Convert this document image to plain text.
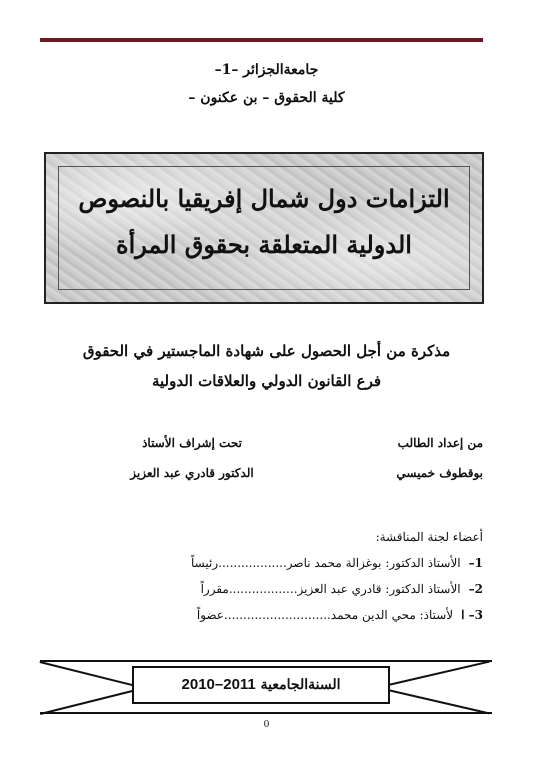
جامعةالجزائر –1–
كلية الحقوق – بن عكنون –
التزامات دول شمال إفريقيا بالنصوص
الدولية المتعلقة بحقوق المرأة
مذكرة من أجل الحصول على شهادة الماجستير في الحقوق
فرع القانون الدولي والعلاقات الدولية
من إعداد الطالب
بوقطوف خميسي
تحت إشراف الأستاذ
الدكتور قادري عبد العزيز
أعضاء لجنة المناقشة:
1–الأستاذ الدكتور: بوغزالة محمد ناصر..................رئيساً
2–الأستاذ الدكتور: قادري عبد العزيز..................مقرراً
3– الأستاذ: محي الدين محمد............................عضواً
السنةالجامعية 2011–2010
0
